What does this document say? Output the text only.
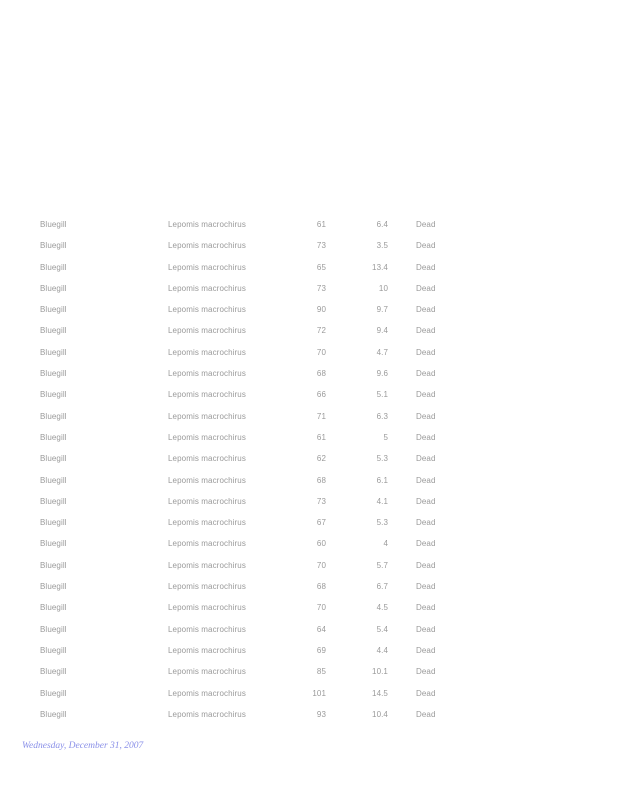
Bluegill	Lepomis macrochirus	61	6.4	Dead
Bluegill	Lepomis macrochirus	73	3.5	Dead
Bluegill	Lepomis macrochirus	65	13.4	Dead
Bluegill	Lepomis macrochirus	73	10	Dead
Bluegill	Lepomis macrochirus	90	9.7	Dead
Bluegill	Lepomis macrochirus	72	9.4	Dead
Bluegill	Lepomis macrochirus	70	4.7	Dead
Bluegill	Lepomis macrochirus	68	9.6	Dead
Bluegill	Lepomis macrochirus	66	5.1	Dead
Bluegill	Lepomis macrochirus	71	6.3	Dead
Bluegill	Lepomis macrochirus	61	5	Dead
Bluegill	Lepomis macrochirus	62	5.3	Dead
Bluegill	Lepomis macrochirus	68	6.1	Dead
Bluegill	Lepomis macrochirus	73	4.1	Dead
Bluegill	Lepomis macrochirus	67	5.3	Dead
Bluegill	Lepomis macrochirus	60	4	Dead
Bluegill	Lepomis macrochirus	70	5.7	Dead
Bluegill	Lepomis macrochirus	68	6.7	Dead
Bluegill	Lepomis macrochirus	70	4.5	Dead
Bluegill	Lepomis macrochirus	64	5.4	Dead
Bluegill	Lepomis macrochirus	69	4.4	Dead
Bluegill	Lepomis macrochirus	85	10.1	Dead
Bluegill	Lepomis macrochirus	101	14.5	Dead
Bluegill	Lepomis macrochirus	93	10.4	Dead
Wednesday, December 31, 2007
